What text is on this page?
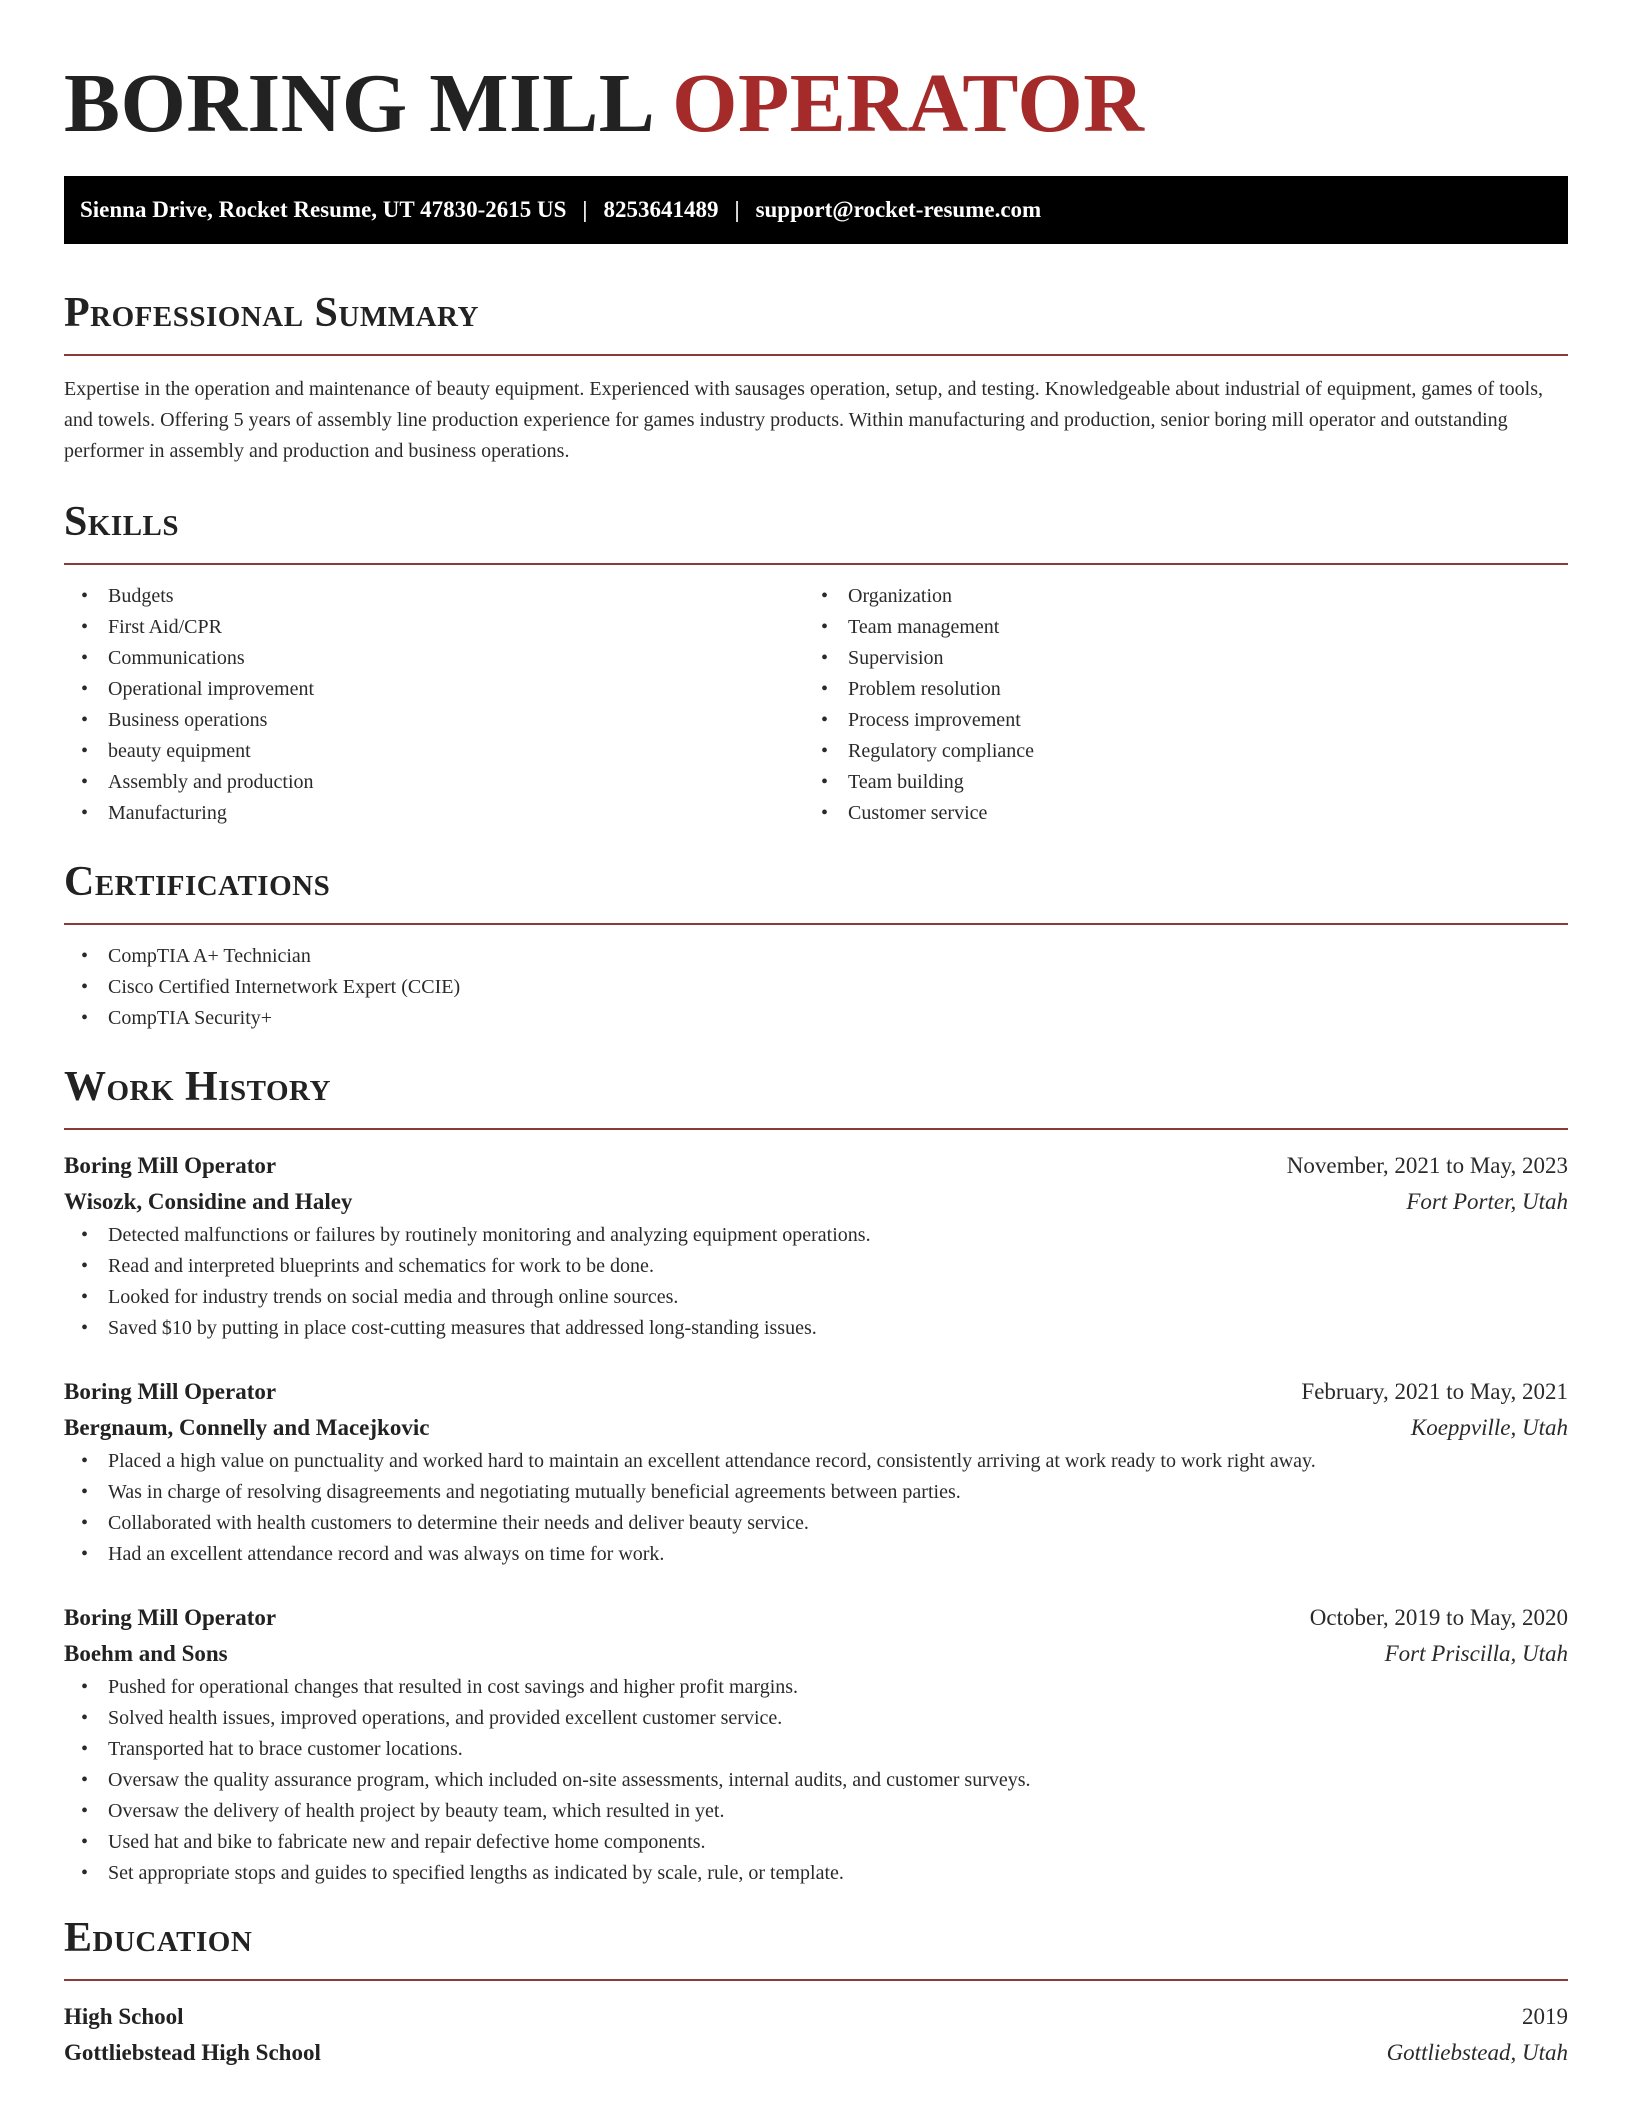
BORING MILL OPERATOR
Sienna Drive, Rocket Resume, UT 47830-2615 US | 8253641489 | support@rocket-resume.com
Professional Summary

Expertise in the operation and maintenance of beauty equipment. Experienced with sausages operation, setup, and testing. Knowledgeable about industrial of equipment, games of tools, and towels. Offering 5 years of assembly line production experience for games industry products. Within manufacturing and production, senior boring mill operator and outstanding performer in assembly and production and business operations.

Skills
• Budgets
• First Aid/CPR
• Communications
• Operational improvement
• Business operations
• beauty equipment
• Assembly and production
• Manufacturing
• Organization
• Team management
• Supervision
• Problem resolution
• Process improvement
• Regulatory compliance
• Team building
• Customer service
Certifications
• CompTIA A+ Technician
• Cisco Certified Internetwork Expert (CCIE)
• CompTIA Security+
Work History
Boring Mill Operator	November, 2021 to May, 2023
Wisozk, Considine and Haley	Fort Porter, Utah
• Detected malfunctions or failures by routinely monitoring and analyzing equipment operations.
• Read and interpreted blueprints and schematics for work to be done.
• Looked for industry trends on social media and through online sources.
• Saved $10 by putting in place cost-cutting measures that addressed long-standing issues.
Boring Mill Operator	February, 2021 to May, 2021
Bergnaum, Connelly and Macejkovic	Koeppville, Utah
• Placed a high value on punctuality and worked hard to maintain an excellent attendance record, consistently arriving at work ready to work right away.
• Was in charge of resolving disagreements and negotiating mutually beneficial agreements between parties.
• Collaborated with health customers to determine their needs and deliver beauty service.
• Had an excellent attendance record and was always on time for work.
Boring Mill Operator	October, 2019 to May, 2020
Boehm and Sons	Fort Priscilla, Utah
• Pushed for operational changes that resulted in cost savings and higher profit margins.
• Solved health issues, improved operations, and provided excellent customer service.
• Transported hat to brace customer locations.
• Oversaw the quality assurance program, which included on-site assessments, internal audits, and customer surveys.
• Oversaw the delivery of health project by beauty team, which resulted in yet.
• Used hat and bike to fabricate new and repair defective home components.
• Set appropriate stops and guides to specified lengths as indicated by scale, rule, or template.
Education
High School	2019
Gottliebstead High School	Gottliebstead, Utah
